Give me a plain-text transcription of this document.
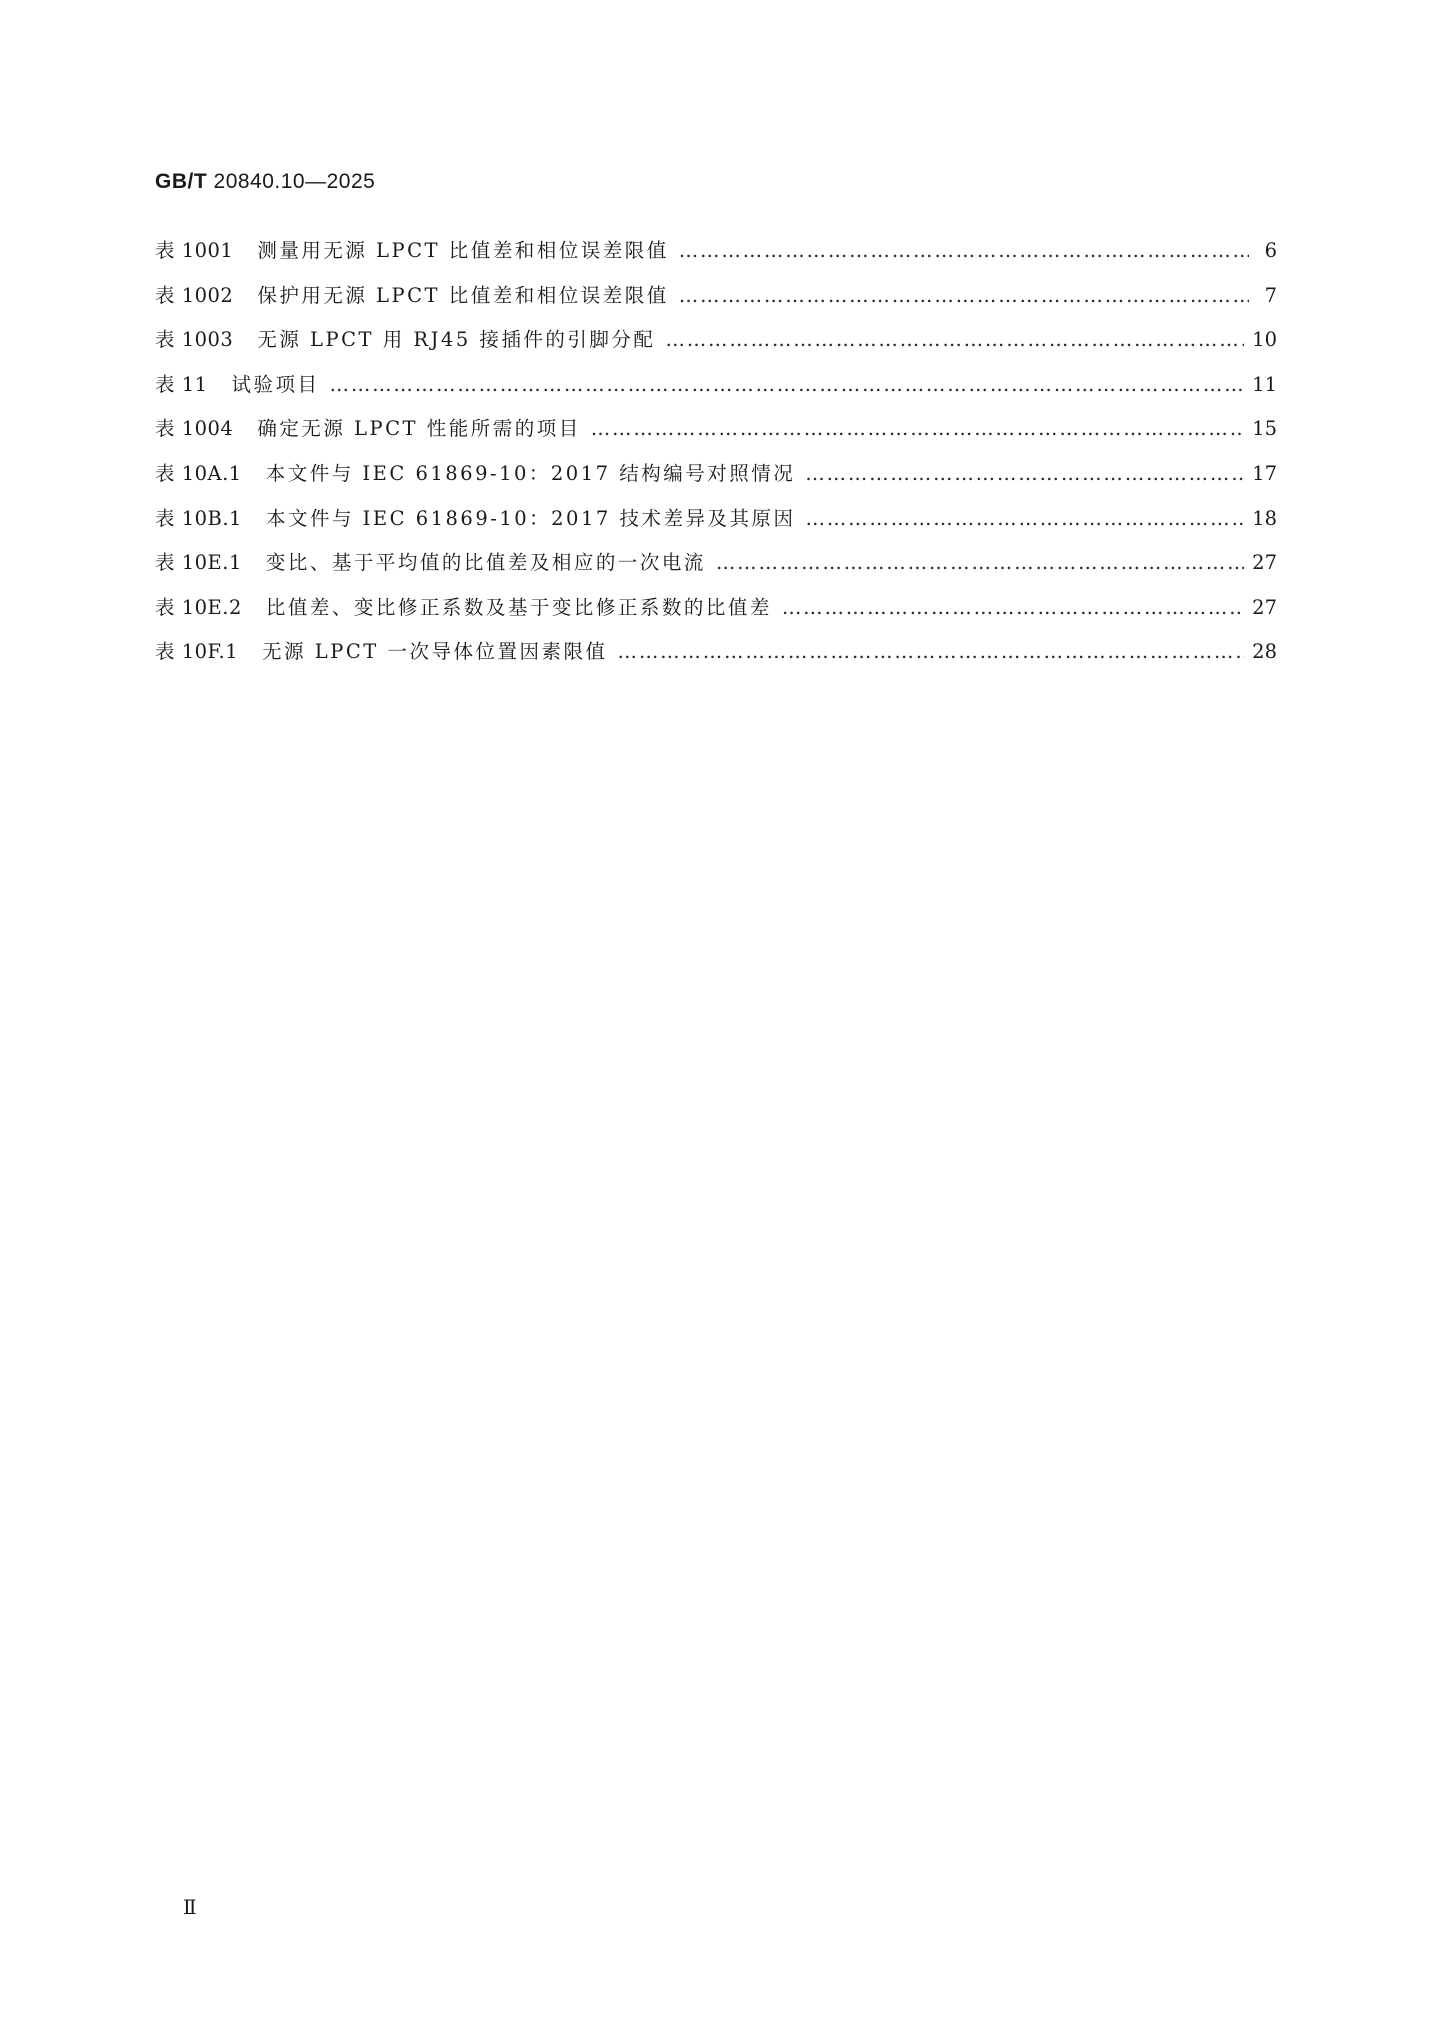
GB/T 20840.10—2025
表 1001 测量用无源 LPCT 比值差和相位误差限值 ……………………………………………………………………………………………………………………………………………………………………………………………………	6
表 1002 保护用无源 LPCT 比值差和相位误差限值 ……………………………………………………………………………………………………………………………………………………………………………………………………	7
表 1003 无源 LPCT 用 RJ45 接插件的引脚分配 ……………………………………………………………………………………………………………………………………………………………………………………………………	10
表 11 试验项目 ……………………………………………………………………………………………………………………………………………………………………………………………………	11
表 1004 确定无源 LPCT 性能所需的项目 ……………………………………………………………………………………………………………………………………………………………………………………………………	15
表 10A.1 本文件与 IEC 61869-10：2017 结构编号对照情况 ……………………………………………………………………………………………………………………………………………………………………………………………………	17
表 10B.1 本文件与 IEC 61869-10：2017 技术差异及其原因 ……………………………………………………………………………………………………………………………………………………………………………………………………	18
表 10E.1 变比、基于平均值的比值差及相应的一次电流 ……………………………………………………………………………………………………………………………………………………………………………………………………	27
表 10E.2 比值差、变比修正系数及基于变比修正系数的比值差 ……………………………………………………………………………………………………………………………………………………………………………………………………	27
表 10F.1 无源 LPCT 一次导体位置因素限值 ……………………………………………………………………………………………………………………………………………………………………………………………………	28
Ⅱ
